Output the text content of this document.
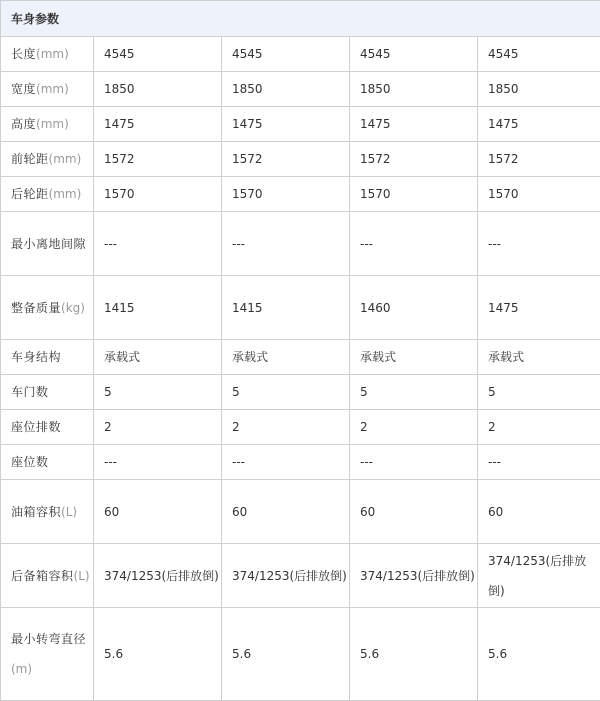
车身参数				
长度(mm)	4545	4545	4545	4545
宽度(mm)	1850	1850	1850	1850
高度(mm)	1475	1475	1475	1475
前轮距(mm)	1572	1572	1572	1572
后轮距(mm)	1570	1570	1570	1570
最小离地间隙	---	---	---	---
整备质量(kg)	1415	1415	1460	1475
车身结构	承载式	承载式	承载式	承载式
车门数	5	5	5	5
座位排数	2	2	2	2
座位数	---	---	---	---
油箱容积(L)	60	60	60	60
后备箱容积(L)	374/1253(后排放倒)	374/1253(后排放倒)	374/1253(后排放倒)	374/1253(后排放倒)
最小转弯直径(m)	5.6	5.6	5.6	5.6
